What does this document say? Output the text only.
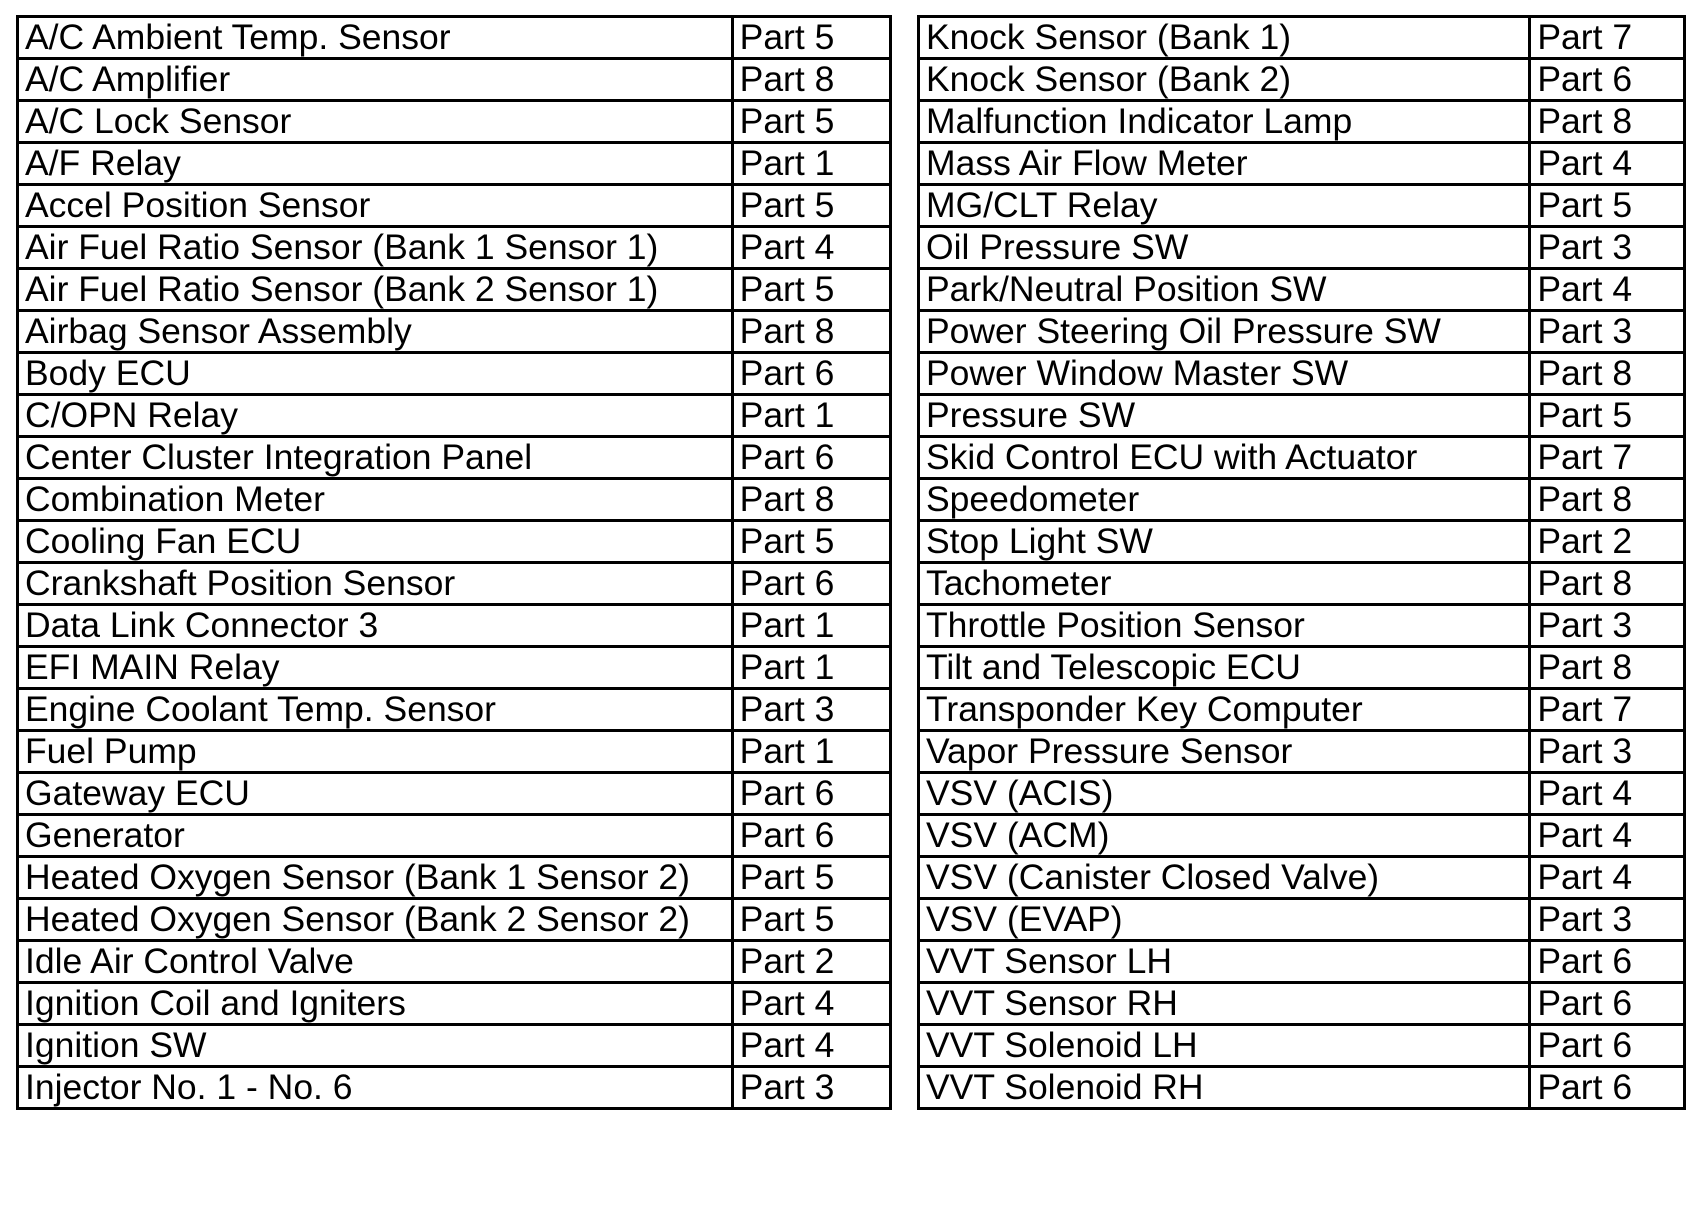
A/C Ambient Temp. Sensor	Part 5
A/C Amplifier	Part 8
A/C Lock Sensor	Part 5
A/F Relay	Part 1
Accel Position Sensor	Part 5
Air Fuel Ratio Sensor (Bank 1 Sensor 1)	Part 4
Air Fuel Ratio Sensor (Bank 2 Sensor 1)	Part 5
Airbag Sensor Assembly	Part 8
Body ECU	Part 6
C/OPN Relay	Part 1
Center Cluster Integration Panel	Part 6
Combination Meter	Part 8
Cooling Fan ECU	Part 5
Crankshaft Position Sensor	Part 6
Data Link Connector 3	Part 1
EFI MAIN Relay	Part 1
Engine Coolant Temp. Sensor	Part 3
Fuel Pump	Part 1
Gateway ECU	Part 6
Generator	Part 6
Heated Oxygen Sensor (Bank 1 Sensor 2)	Part 5
Heated Oxygen Sensor (Bank 2 Sensor 2)	Part 5
Idle Air Control Valve	Part 2
Ignition Coil and Igniters	Part 4
Ignition SW	Part 4
Injector No. 1 - No. 6	Part 3
Knock Sensor (Bank 1)	Part 7
Knock Sensor (Bank 2)	Part 6
Malfunction Indicator Lamp	Part 8
Mass Air Flow Meter	Part 4
MG/CLT Relay	Part 5
Oil Pressure SW	Part 3
Park/Neutral Position SW	Part 4
Power Steering Oil Pressure SW	Part 3
Power Window Master SW	Part 8
Pressure SW	Part 5
Skid Control ECU with Actuator	Part 7
Speedometer	Part 8
Stop Light SW	Part 2
Tachometer	Part 8
Throttle Position Sensor	Part 3
Tilt and Telescopic ECU	Part 8
Transponder Key Computer	Part 7
Vapor Pressure Sensor	Part 3
VSV (ACIS)	Part 4
VSV (ACM)	Part 4
VSV (Canister Closed Valve)	Part 4
VSV (EVAP)	Part 3
VVT Sensor LH	Part 6
VVT Sensor RH	Part 6
VVT Solenoid LH	Part 6
VVT Solenoid RH	Part 6
